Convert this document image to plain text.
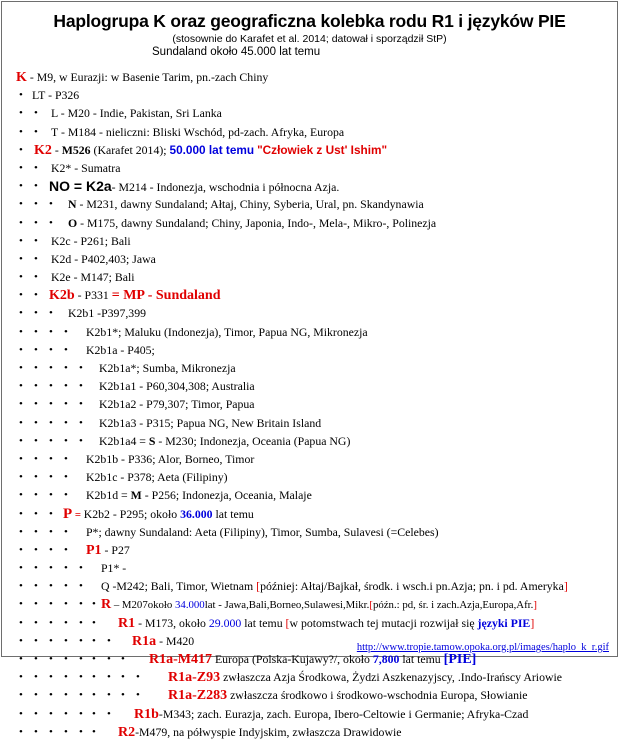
Haplogrupa K oraz geograficzna kolebka rodu R1 i języków PIE
(stosownie do Karafet et al. 2014; datował i sporządził StP)
Sundaland około 45.000 lat temu
K - M9, w Eurazji: w Basenie Tarim, pn.-zach Chiny
• LT - P326
• • L - M20 - Indie, Pakistan, Sri Lanka
• • T - M184 - nieliczni: Bliski Wschód, pd-zach. Afryka, Europa
• K2 - M526 (Karafet 2014); 50.000 lat temu "Człowiek z Ust' Ishim"
• • K2* - Sumatra
• • NO = K2a- M214 - Indonezja, wschodnia i północna Azja.
• • • N - M231, dawny Sundaland; Ałtaj, Chiny, Syberia, Ural, pn. Skandynawia
• • • O - M175, dawny Sundaland; Chiny, Japonia, Indo-, Mela-, Mikro-, Polinezja
• • K2c - P261; Bali
• • K2d - P402,403; Jawa
• • K2e - M147; Bali
• • K2b - P331 = MP - Sundaland
• • • K2b1 -P397,399
• • • • K2b1*; Maluku (Indonezja), Timor, Papua NG, Mikronezja
• • • • K2b1a - P405;
• • • • • K2b1a*; Sumba, Mikronezja
• • • • • K2b1a1 - P60,304,308; Australia
• • • • • K2b1a2 - P79,307; Timor, Papua
• • • • • K2b1a3 - P315; Papua NG, New Britain Island
• • • • • K2b1a4 = S - M230; Indonezja, Oceania (Papua NG)
• • • • K2b1b - P336; Alor, Borneo, Timor
• • • • K2b1c - P378; Aeta (Filipiny)
• • • • K2b1d = M - P256; Indonezja, Oceania, Malaje
• • • P = K2b2 - P295; około 36.000 lat temu
• • • • P*; dawny Sundaland: Aeta (Filipiny), Timor, Sumba, Sulavesi (=Celebes)
• • • • P1 - P27
• • • • • P1* -
• • • • • Q -M242; Bali, Timor, Wietnam [później: Ałtaj/Bajkał, środk. i wsch.i pn.Azja; pn. i pd. Ameryka]
• • • • • • R – M207około 34.000lat - Jawa,Bali,Borneo,Sulawesi,Mikr.[późn.: pd, śr. i zach.Azja,Europa,Afr.]
• • • • • • R1 - M173, około 29.000 lat temu [w potomstwach tej mutacji rozwijał się języki PIE]
• • • • • • • R1a - M420
• • • • • • • • R1a-M417 Europa (Polska-Kujawy?/, około 7,800 lat temu [PIE]
• • • • • • • • • R1a-Z93 zwłaszcza Azja Środkowa, Żydzi Aszkenazyjscy, .Indo-Irańscy Ariowie
• • • • • • • • • R1a-Z283 zwłaszcza środkowo i środkowo-wschodnia Europa, Słowianie
• • • • • • • R1b-M343; zach. Eurazja, zach. Europa, Ibero-Celtowie i Germanie; Afryka-Czad
• • • • • • R2-M479, na półwyspie Indyjskim, zwłaszcza Drawidowie
http://www.tropie.tamow.opoka.org.pl/images/haplo_k_r.gif
